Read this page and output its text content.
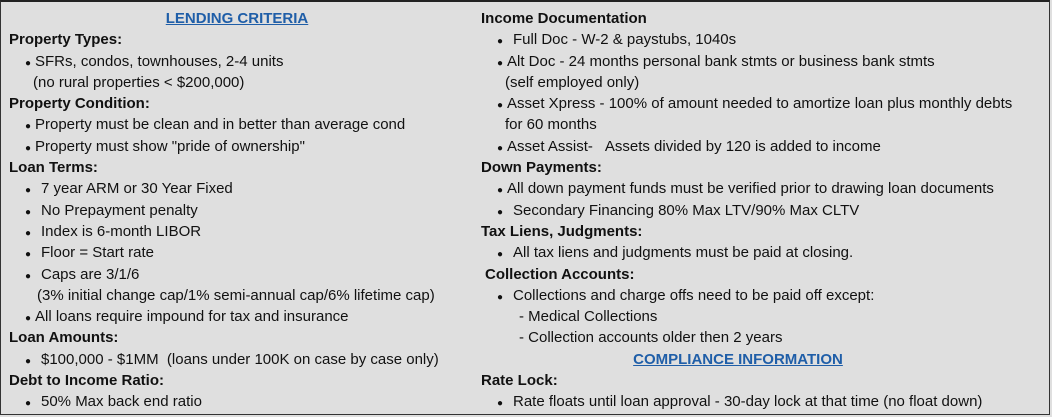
LENDING CRITERIA
Property Types:
●SFRs, condos, townhouses, 2-4 units
(no rural properties < $200,000)
Property Condition:
●Property must be clean and in better than average cond
●Property must show "pride of ownership"
Loan Terms:
●7 year ARM or 30 Year Fixed
●No Prepayment penalty
●Index is 6-month LIBOR
●Floor = Start rate
●Caps are 3/1/6
(3% initial change cap/1% semi-annual cap/6% lifetime cap)
●All loans require impound for tax and insurance
Loan Amounts:
●$100,000 - $1MM  (loans under 100K on case by case only)
Debt to Income Ratio:
●50% Max back end ratio
Income Documentation
●Full Doc - W-2 & paystubs, 1040s
●Alt Doc - 24 months personal bank stmts or business bank stmts
(self employed only)
●Asset Xpress - 100% of amount needed to amortize loan plus monthly debts
for 60 months
●Asset Assist- Assets divided by 120 is added to income
Down Payments:
●All down payment funds must be verified prior to drawing loan documents
●Secondary Financing 80% Max LTV/90% Max CLTV
Tax Liens, Judgments:
●All tax liens and judgments must be paid at closing.
Collection Accounts:
●Collections and charge offs need to be paid off except:
- Medical Collections
- Collection accounts older then 2 years
COMPLIANCE INFORMATION
Rate Lock:
●Rate floats until loan approval - 30-day lock at that time (no float down)
